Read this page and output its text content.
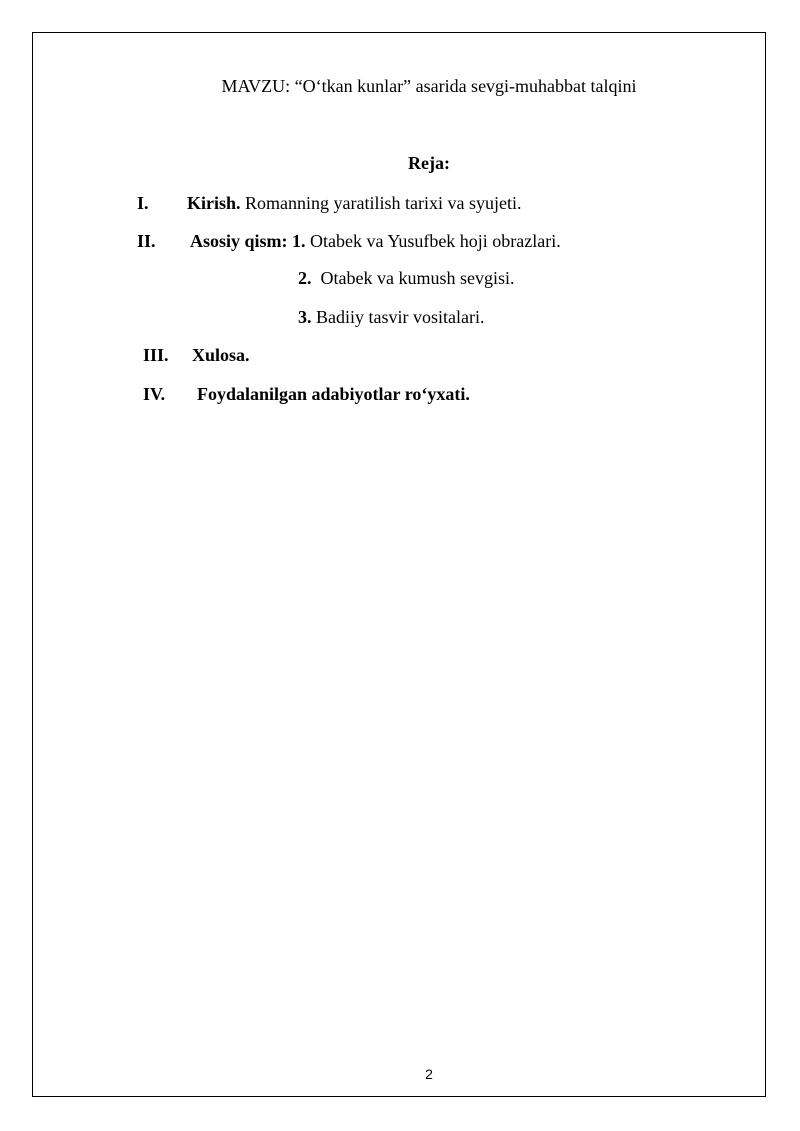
MAVZU: “O‘tkan kunlar” asarida sevgi-muhabbat talqini
Reja:
I. Kirish. Romanning yaratilish tarixi va syujeti.
II. Asosiy qism: 1. Otabek va Yusufbek hoji obrazlari.
2.  Otabek va kumush sevgisi.
3. Badiiy tasvir vositalari.
III. Xulosa.
IV. Foydalanilgan adabiyotlar ro‘yxati.
2
